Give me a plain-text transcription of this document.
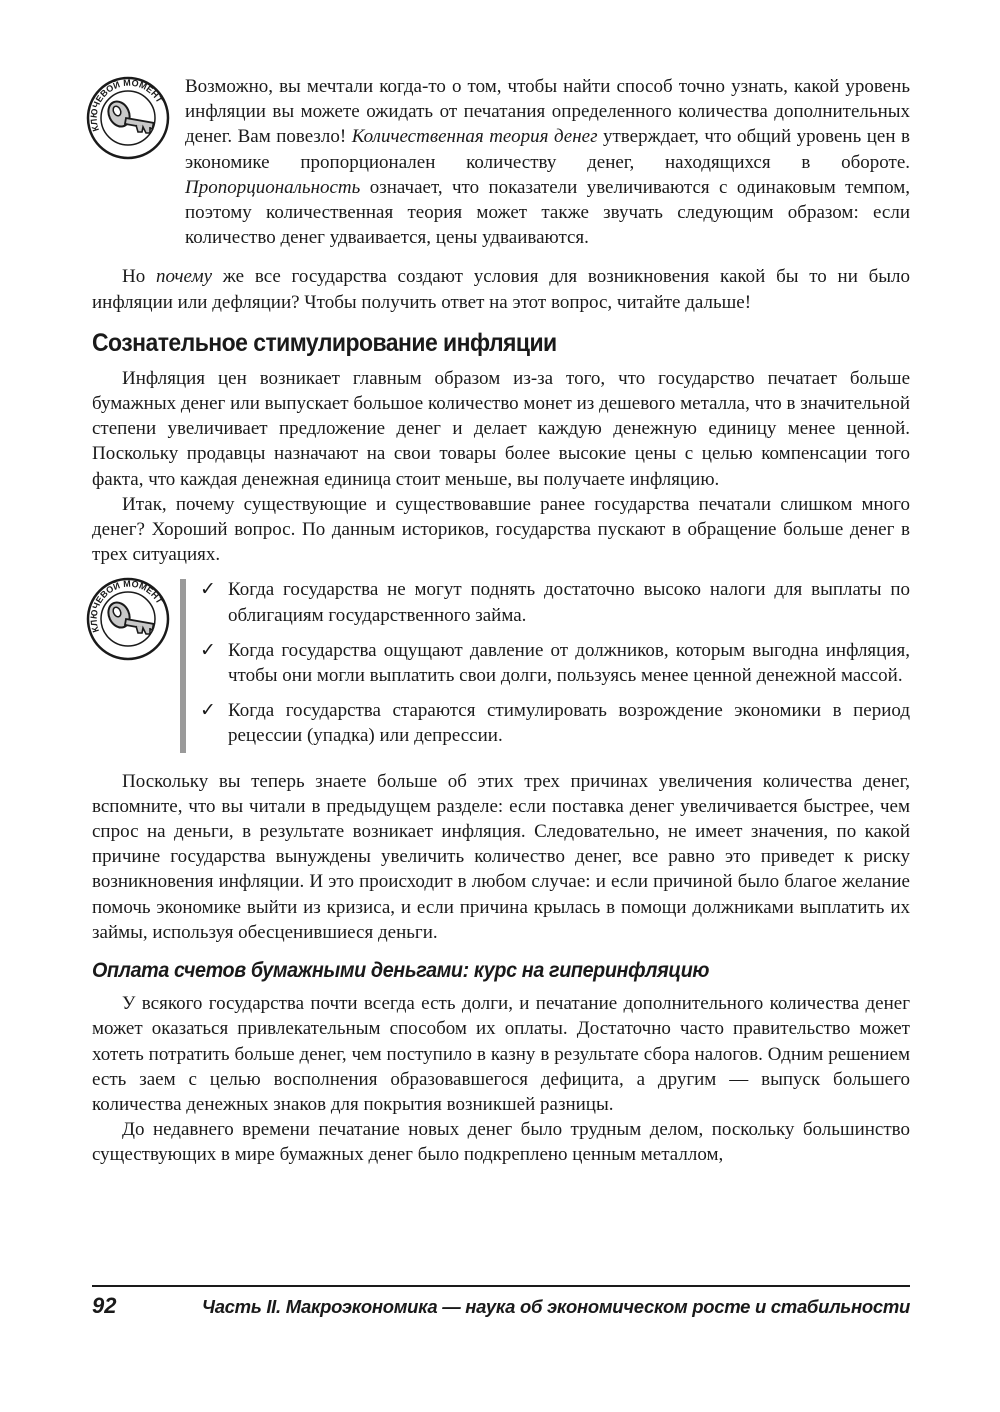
КЛЮЧЕВОЙ МОМЕНТ

Возможно, вы мечтали когда-то о том, чтобы найти способ точно узнать, какой уровень инфляции вы можете ожидать от печатания определенного количества дополнительных денег. Вам повезло! Количественная теория денег утверждает, что общий уровень цен в экономике пропорционален количеству денег, находящихся в обороте. Пропорциональность означает, что показатели увеличиваются с одинаковым темпом, поэтому количественная теория может также звучать следующим образом: если количество денег удваивается, цены удваиваются.

Но почему же все государства создают условия для возникновения какой бы то ни было инфляции или дефляции? Чтобы получить ответ на этот вопрос, читайте дальше!

Сознательное стимулирование инфляции

Инфляция цен возникает главным образом из-за того, что государство печатает больше бумажных денег или выпускает большое количество монет из дешевого металла, что в значительной степени увеличивает предложение денег и делает каждую денежную единицу менее ценной. Поскольку продавцы назначают на свои товары более высокие цены с целью компенсации того факта, что каждая денежная единица стоит меньше, вы получаете инфляцию.

Итак, почему существующие и существовавшие ранее государства печатали слишком много денег? Хороший вопрос. По данным историков, государства пускают в обращение больше денег в трех ситуациях.

КЛЮЧЕВОЙ МОМЕНТ
✓ Когда государства не могут поднять достаточно высоко налоги для выплаты по облигациям государственного займа.

✓ Когда государства ощущают давление от должников, которым выгодна инфляция, чтобы они могли выплатить свои долги, пользуясь менее ценной денежной массой.

✓ Когда государства стараются стимулировать возрождение экономики в период рецессии (упадка) или депрессии.

Поскольку вы теперь знаете больше об этих трех причинах увеличения количества денег, вспомните, что вы читали в предыдущем разделе: если поставка денег увеличивается быстрее, чем спрос на деньги, в результате возникает инфляция. Следовательно, не имеет значения, по какой причине государства вынуждены увеличить количество денег, все равно это приведет к риску возникновения инфляции. И это происходит в любом случае: и если причиной было благое желание помочь экономике выйти из кризиса, и если причина крылась в помощи должниками выплатить их займы, используя обесценившиеся деньги.

Оплата счетов бумажными деньгами: курс на гиперинфляцию

У всякого государства почти всегда есть долги, и печатание дополнительного количества денег может оказаться привлекательным способом их оплаты. Достаточно часто правительство может хотеть потратить больше денег, чем поступило в казну в результате сбора налогов. Одним решением есть заем с целью восполнения образовавшегося дефицита, а другим — выпуск большего количества денежных знаков для покрытия возникшей разницы.

До недавнего времени печатание новых денег было трудным делом, поскольку большинство существующих в мире бумажных денег было подкреплено ценным металлом,

92	Часть II. Макроэкономика — наука об экономическом росте и стабильности
